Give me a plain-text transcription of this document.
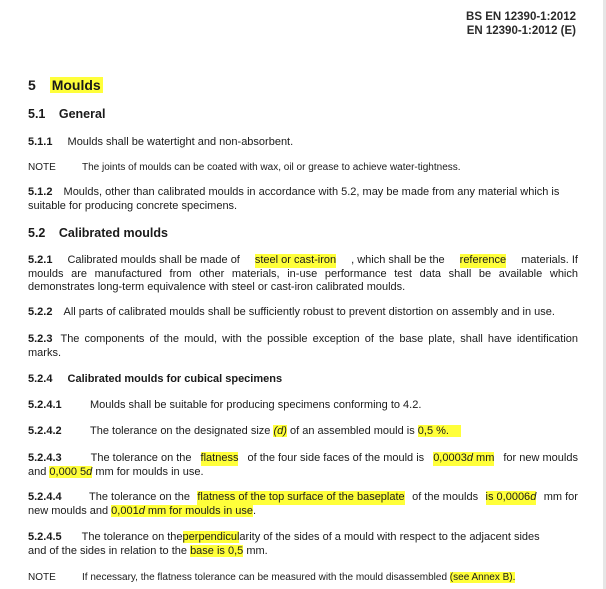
BS EN 12390-1:2012
EN 12390-1:2012 (E)
5 Moulds
5.1 General
5.1.1 Moulds shall be watertight and non-absorbent.
NOTE	The joints of moulds can be coated with wax, oil or grease to achieve water-tightness.
5.1.2 Moulds, other than calibrated moulds in accordance with 5.2, may be made from any material which is
suitable for producing concrete specimens.
5.2 Calibrated moulds
5.2.1 Calibrated moulds shall be made of steel or cast-iron , which shall be the reference materials. If
moulds are manufactured from other materials, in-use performance test data shall be available which
demonstrates long-term equivalence with steel or cast-iron calibrated moulds.
5.2.2 All parts of calibrated moulds shall be sufficiently robust to prevent distortion on assembly and in use.
5.2.3 The components of the mould, with the possible exception of the base plate, shall have identification
marks.
5.2.4 Calibrated moulds for cubical specimens
5.2.4.1	Moulds shall be suitable for producing specimens conforming to 4.2.
5.2.4.2	The tolerance on the designated size (d) of an assembled mould is 0,5 %.
5.2.4.3	The tolerance on the flatness of the four side faces of the mould is 0,0003d mm for new moulds
and 0,000 5d mm for moulds in use.
5.2.4.4 The tolerance on the flatness of the top surface of the baseplate of the moulds is 0,0006d mm for
new moulds and 0,001d mm for moulds in use.
5.2.4.5 The tolerance on the perpendicularity of the sides of a mould with respect to the adjacent sides
and of the sides in relation to the base is 0,5 mm.
NOTE	If necessary, the flatness tolerance can be measured with the mould disassembled (see Annex B).
